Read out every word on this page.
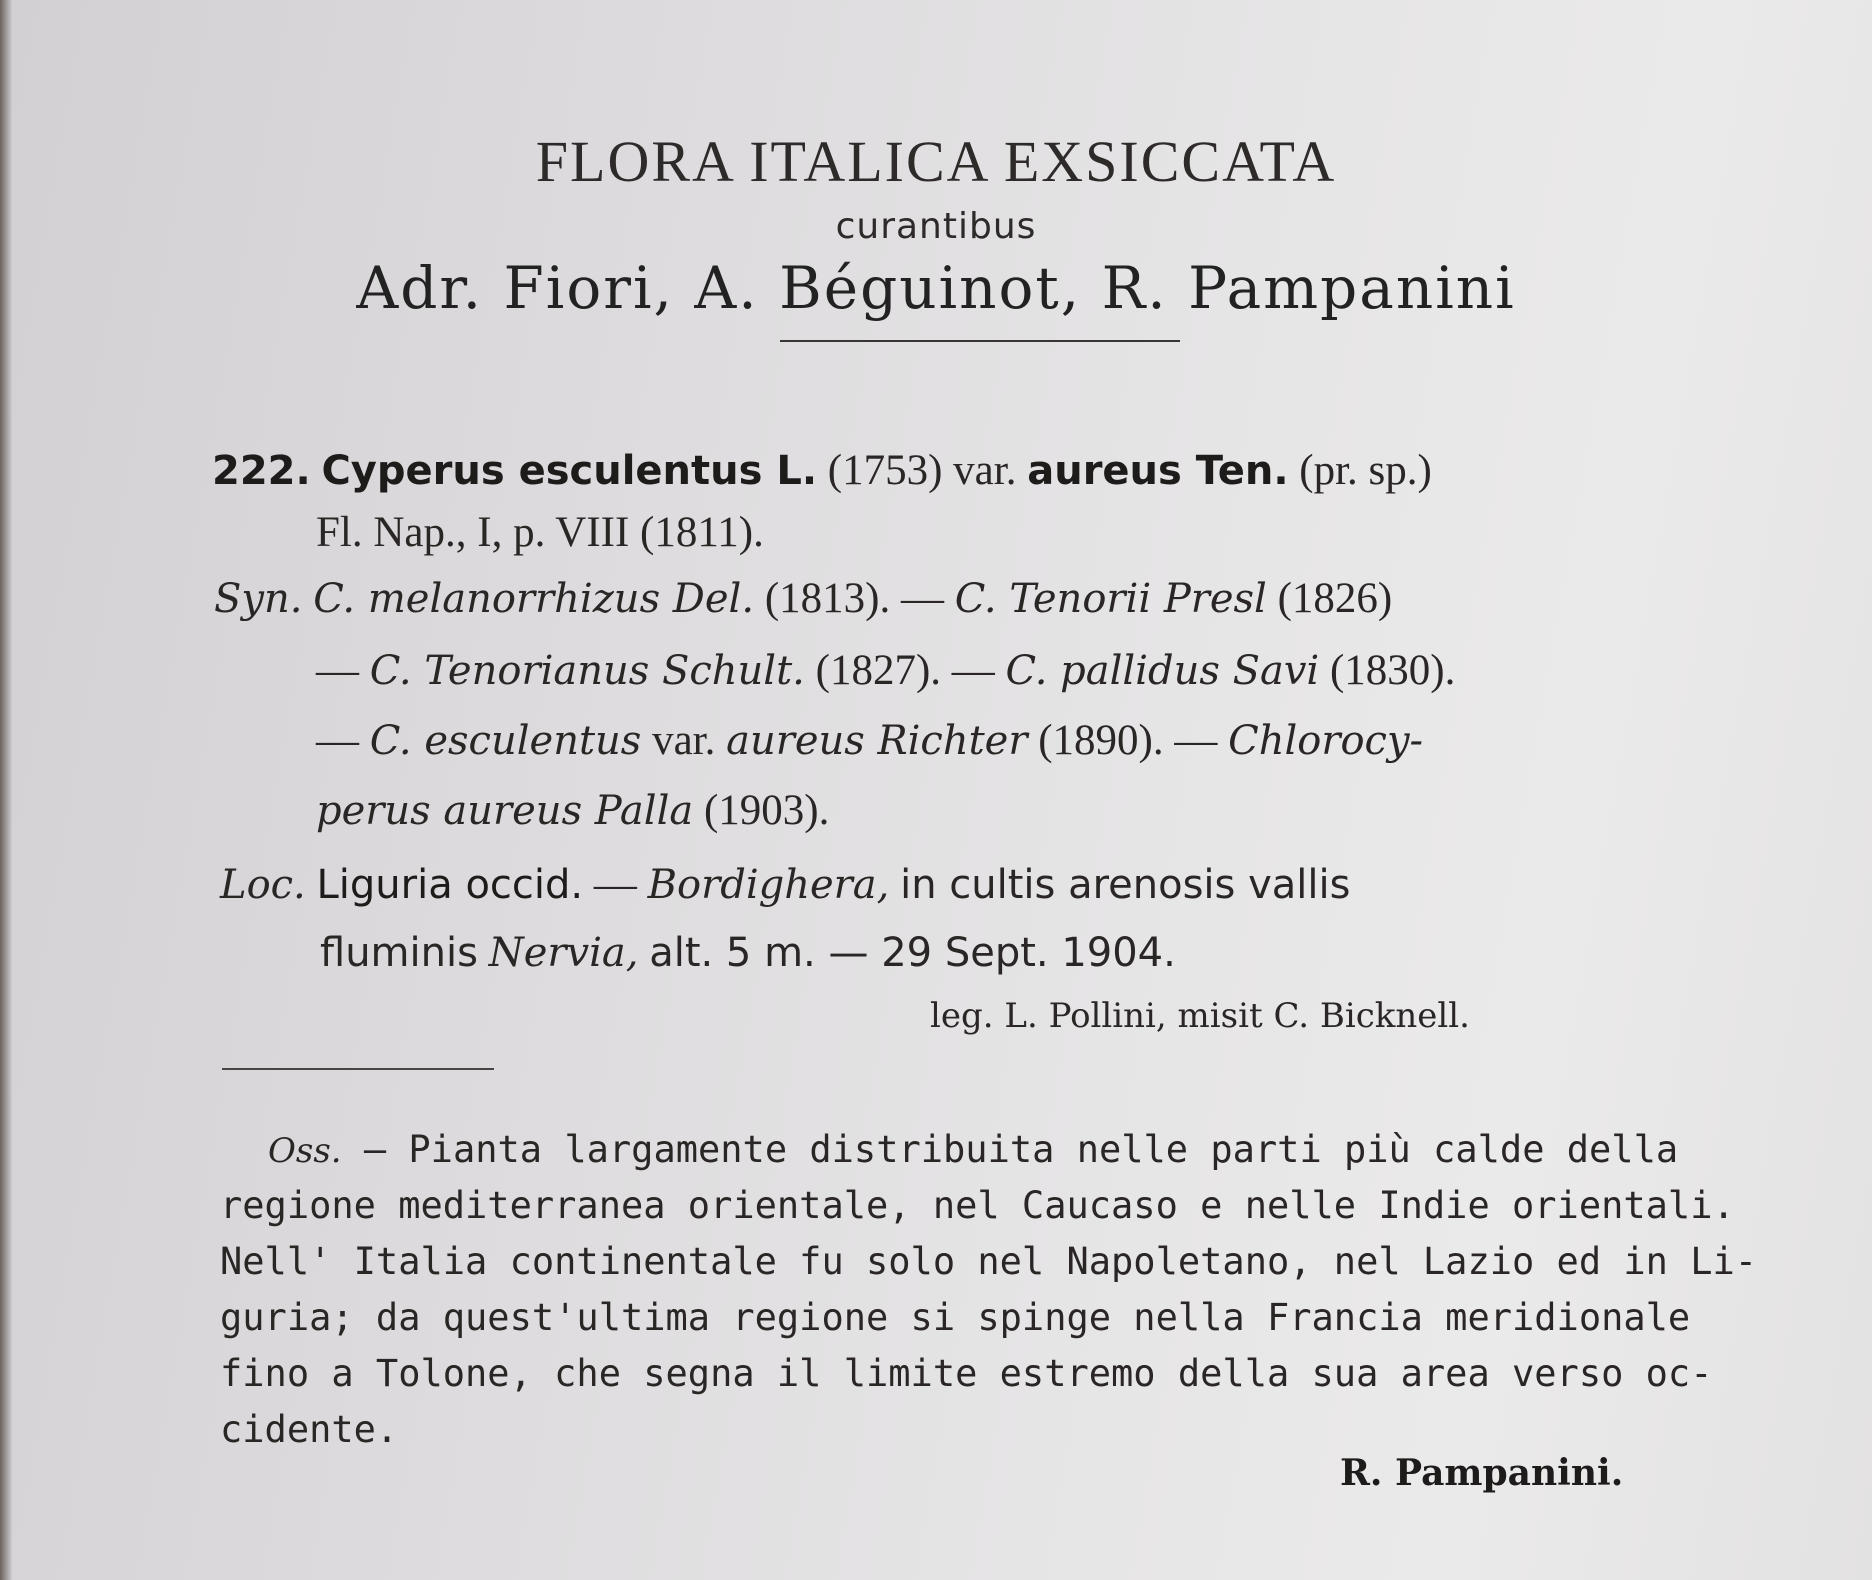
FLORA ITALICA EXSICCATA
curantibus
Adr. Fiori, A. Béguinot, R. Pampanini
222. Cyperus esculentus L. (1753) var. aureus Ten. (pr. sp.)
Fl. Nap., I, p. VIII (1811).
Syn. C. melanorrhizus Del. (1813). — C. Tenorii Presl (1826)
— C. Tenorianus Schult. (1827). — C. pallidus Savi (1830).
— C. esculentus var. aureus Richter (1890). — Chlorocy-
perus aureus Palla (1903).
Loc. Liguria occid. — Bordighera, in cultis arenosis vallis
fluminis Nervia, alt. 5 m. — 29 Sept. 1904.
leg. L. Pollini, misit C. Bicknell.
Oss. — Pianta largamente distribuita nelle parti più calde della
regione mediterranea orientale, nel Caucaso e nelle Indie orientali.
Nell' Italia continentale fu solo nel Napoletano, nel Lazio ed in Li-
guria; da quest'ultima regione si spinge nella Francia meridionale
fino a Tolone, che segna il limite estremo della sua area verso oc-
cidente.
R. Pampanini.
